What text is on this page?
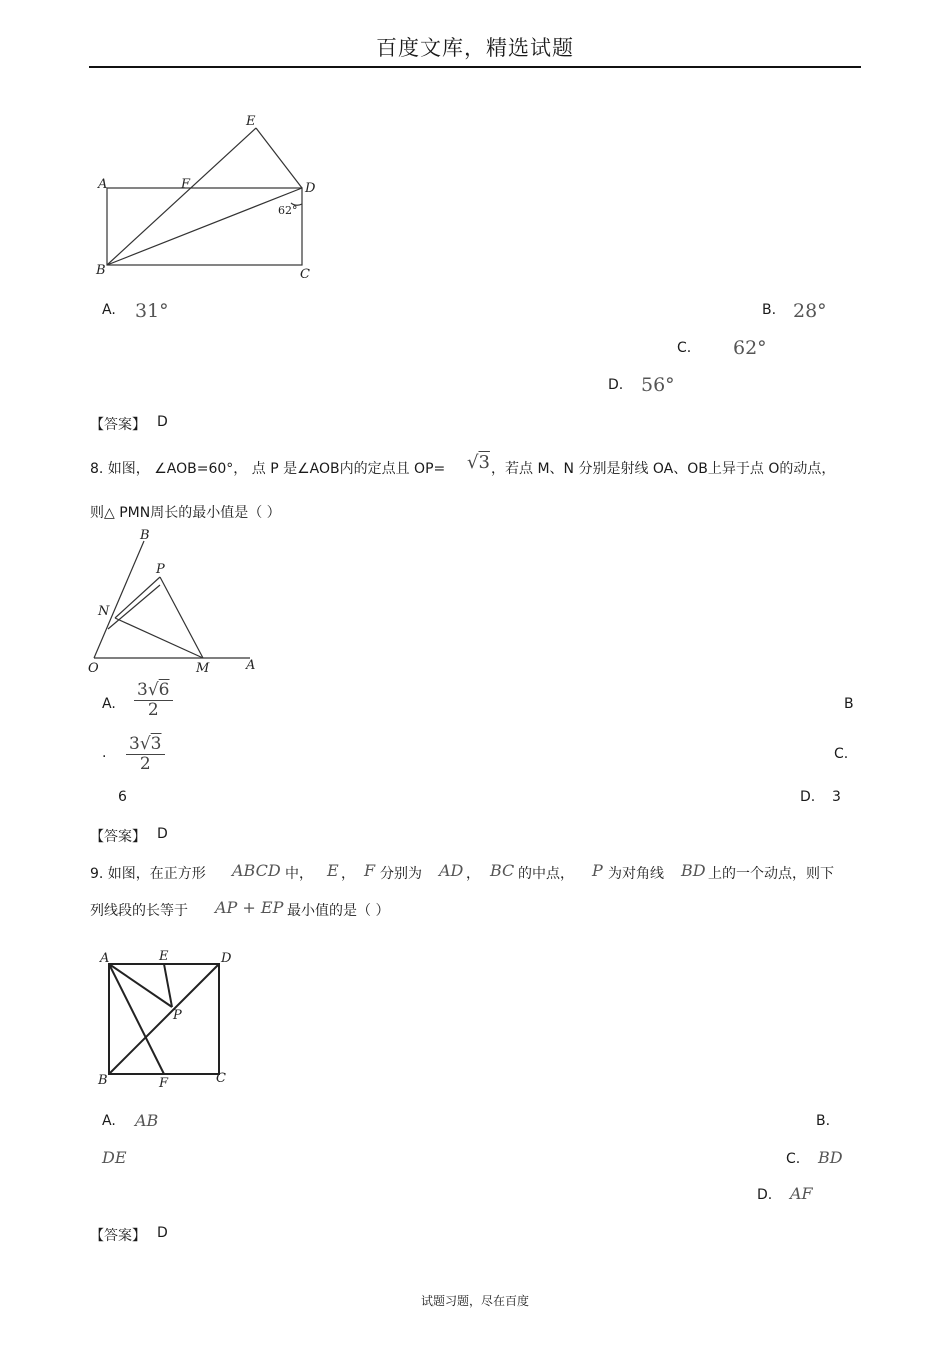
百度文库，精选试题
A
B	C
D
E
F
62°
A. 31°	B. 28°
C. 62°
D. 56°
【答案】 D
8. 如图， ∠AOB=60°， 点 P 是∠AOB内的定点且 OP= √3 ，若点 M、N 分别是射线 OA、OB上异于点 O的动点，
则△ PMN周长的最小值是（ ）
O	A
B
P
N
M
A. $\frac{3√6}{2}$	B
. $\frac{3√3}{2}$	C.
6	D. 3
【答案】 D
9. 如图，在正方形 ABCD 中， E ， F 分别为 AD ， BC 的中点， P 为对角线 BD 上的一个动点，则下
列线段的长等于 AP + EP 最小值的是（ ）
A
B	C
D
E
F
P
A. AB	B.
DE	C. BD
D. AF
【答案】 D
试题习题，尽在百度
